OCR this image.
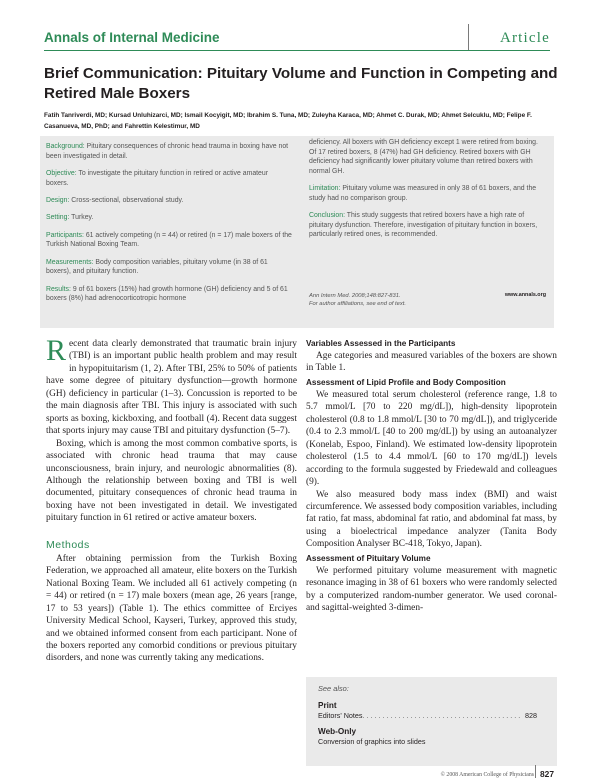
Annals of Internal Medicine	Article
Brief Communication: Pituitary Volume and Function in Competing and Retired Male Boxers
Fatih Tanriverdi, MD; Kursad Unluhizarci, MD; Ismail Kocyigit, MD; Ibrahim S. Tuna, MD; Zuleyha Karaca, MD; Ahmet C. Durak, MD; Ahmet Selcuklu, MD; Felipe F. Casanueva, MD, PhD; and Fahrettin Kelestimur, MD

Background: Pituitary consequences of chronic head trauma in boxing have not been investigated in detail.

Objective: To investigate the pituitary function in retired or active amateur boxers.

Design: Cross-sectional, observational study.

Setting: Turkey.

Participants: 61 actively competing (n = 44) or retired (n = 17) male boxers of the Turkish National Boxing Team.

Measurements: Body composition variables, pituitary volume (in 38 of 61 boxers), and pituitary function.

Results: 9 of 61 boxers (15%) had growth hormone (GH) deficiency and 5 of 61 boxers (8%) had adrenocorticotropic hormone

deficiency. All boxers with GH deficiency except 1 were retired from boxing. Of 17 retired boxers, 8 (47%) had GH deficiency. Retired boxers with GH deficiency had significantly lower pituitary volume than retired boxers with normal GH.

Limitation: Pituitary volume was measured in only 38 of 61 boxers, and the study had no comparison group.

Conclusion: This study suggests that retired boxers have a high rate of pituitary dysfunction. Therefore, investigation of pituitary function in boxers, particularly retired ones, is recommended.

Ann Intern Med. 2008;148:827-831.
For author affiliations, see end of text.
www.annals.org

Recent data clearly demonstrated that traumatic brain injury (TBI) is an important public health problem and may result in hypopituitarism (1, 2). After TBI, 25% to 50% of patients have some degree of pituitary dysfunction—growth hormone (GH) deficiency in particular (1–3). Concussion is reported to be the main diagnosis after TBI. This injury is associated with such sports as boxing, kickboxing, and football (4). Recent data suggest that sports injury may cause TBI and pituitary dysfunction (5–7).

Boxing, which is among the most common combative sports, is associated with chronic head trauma that may cause unconsciousness, brain injury, and neurologic abnormalities (8). Although the relationship between boxing and TBI is well documented, pituitary consequences of chronic head trauma in boxing have not been investigated in detail. We investigated pituitary function in 61 retired or active amateur boxers.

Methods

After obtaining permission from the Turkish Boxing Federation, we approached all amateur, elite boxers on the Turkish National Boxing Team. We included all 61 actively competing (n = 44) or retired (n = 17) male boxers (mean age, 26 years [range, 17 to 53 years]) (Table 1). The ethics committee of Erciyes University Medical School, Kayseri, Turkey, approved this study, and we obtained informed consent from each participant. None of the boxers reported any comorbid conditions or previous pituitary disorders, and none was currently taking any medications.

Variables Assessed in the Participants

Age categories and measured variables of the boxers are shown in Table 1.

Assessment of Lipid Profile and Body Composition

We measured total serum cholesterol (reference range, 1.8 to 5.7 mmol/L [70 to 220 mg/dL]), high-density lipoprotein cholesterol (0.8 to 1.8 mmol/L [30 to 70 mg/dL]), and triglyceride (0.4 to 2.3 mmol/L [40 to 200 mg/dL]) by using an autoanalyzer (Konelab, Espoo, Finland). We estimated low-density lipoprotein cholesterol (1.5 to 4.4 mmol/L [60 to 170 mg/dL]) levels according to the formula suggested by Friedewald and colleagues (9).

We also measured body mass index (BMI) and waist circumference. We assessed body composition variables, including fat ratio, fat mass, abdominal fat ratio, and abdominal fat mass, by using a bioelectrical impedance analyzer (Tanita Body Composition Analyser BC-418, Tokyo, Japan).

Assessment of Pituitary Volume

We performed pituitary volume measurement with magnetic resonance imaging in 38 of 61 boxers who were randomly selected by a computerized random-number generator. We used coronal- and sagittal-weighted 3-dimen-

See also:
Print
Editors' Notes . . . . . . . . . . . . . . . . . . . . . . . . . . . . . . . . . . . . . . . . 828
Web-Only
Conversion of graphics into slides
© 2008 American College of Physicians 827
